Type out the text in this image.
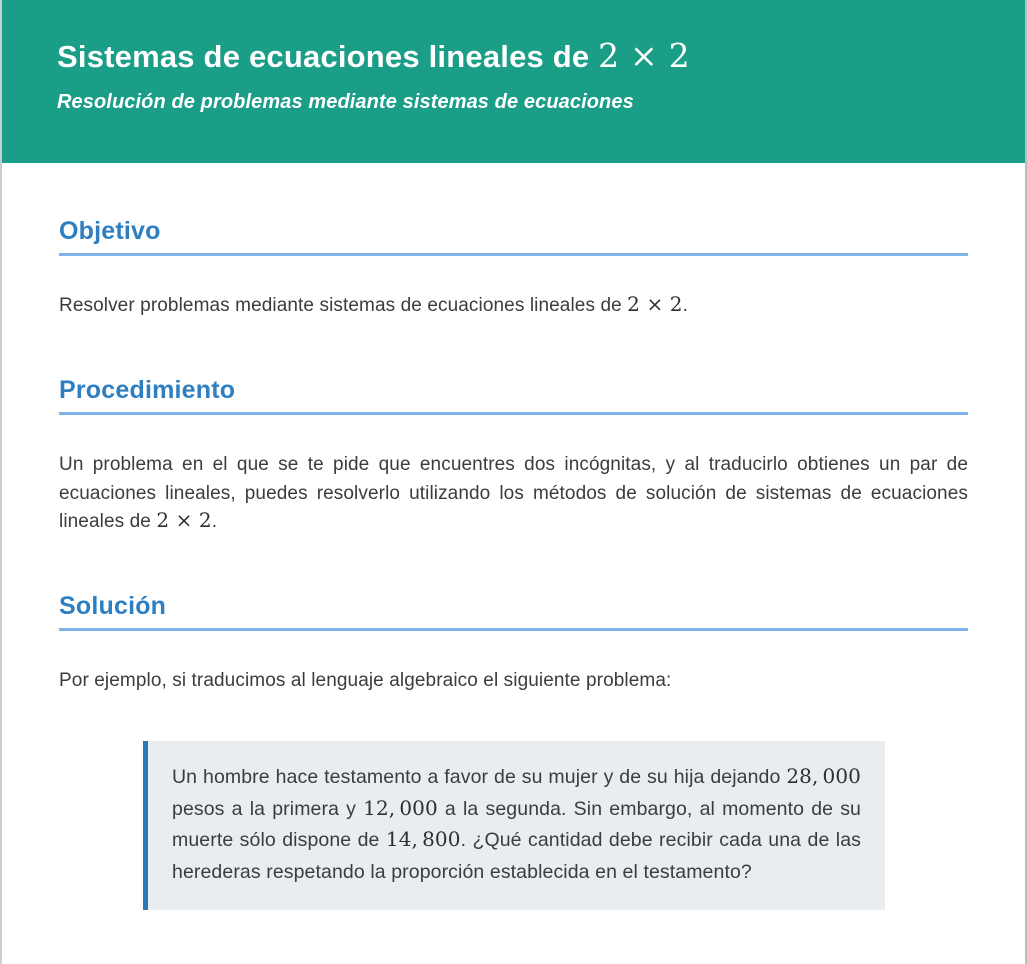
Sistemas de ecuaciones lineales de 2 × 2

Resolución de problemas mediante sistemas de ecuaciones

Objetivo

Resolver problemas mediante sistemas de ecuaciones lineales de 2 × 2.

Procedimiento

Un problema en el que se te pide que encuentres dos incógnitas, y al traducirlo obtienes un par de ecuaciones lineales, puedes resolverlo utilizando los métodos de solución de sistemas de ecuaciones lineales de 2 × 2.

Solución

Por ejemplo, si traducimos al lenguaje algebraico el siguiente problema:

Un hombre hace testamento a favor de su mujer y de su hija dejando 28, 000 pesos a la primera y 12, 000 a la segunda. Sin embargo, al momento de su muerte sólo dispone de 14, 800. ¿Qué cantidad debe recibir cada una de las herederas respetando la proporción establecida en el testamento?
